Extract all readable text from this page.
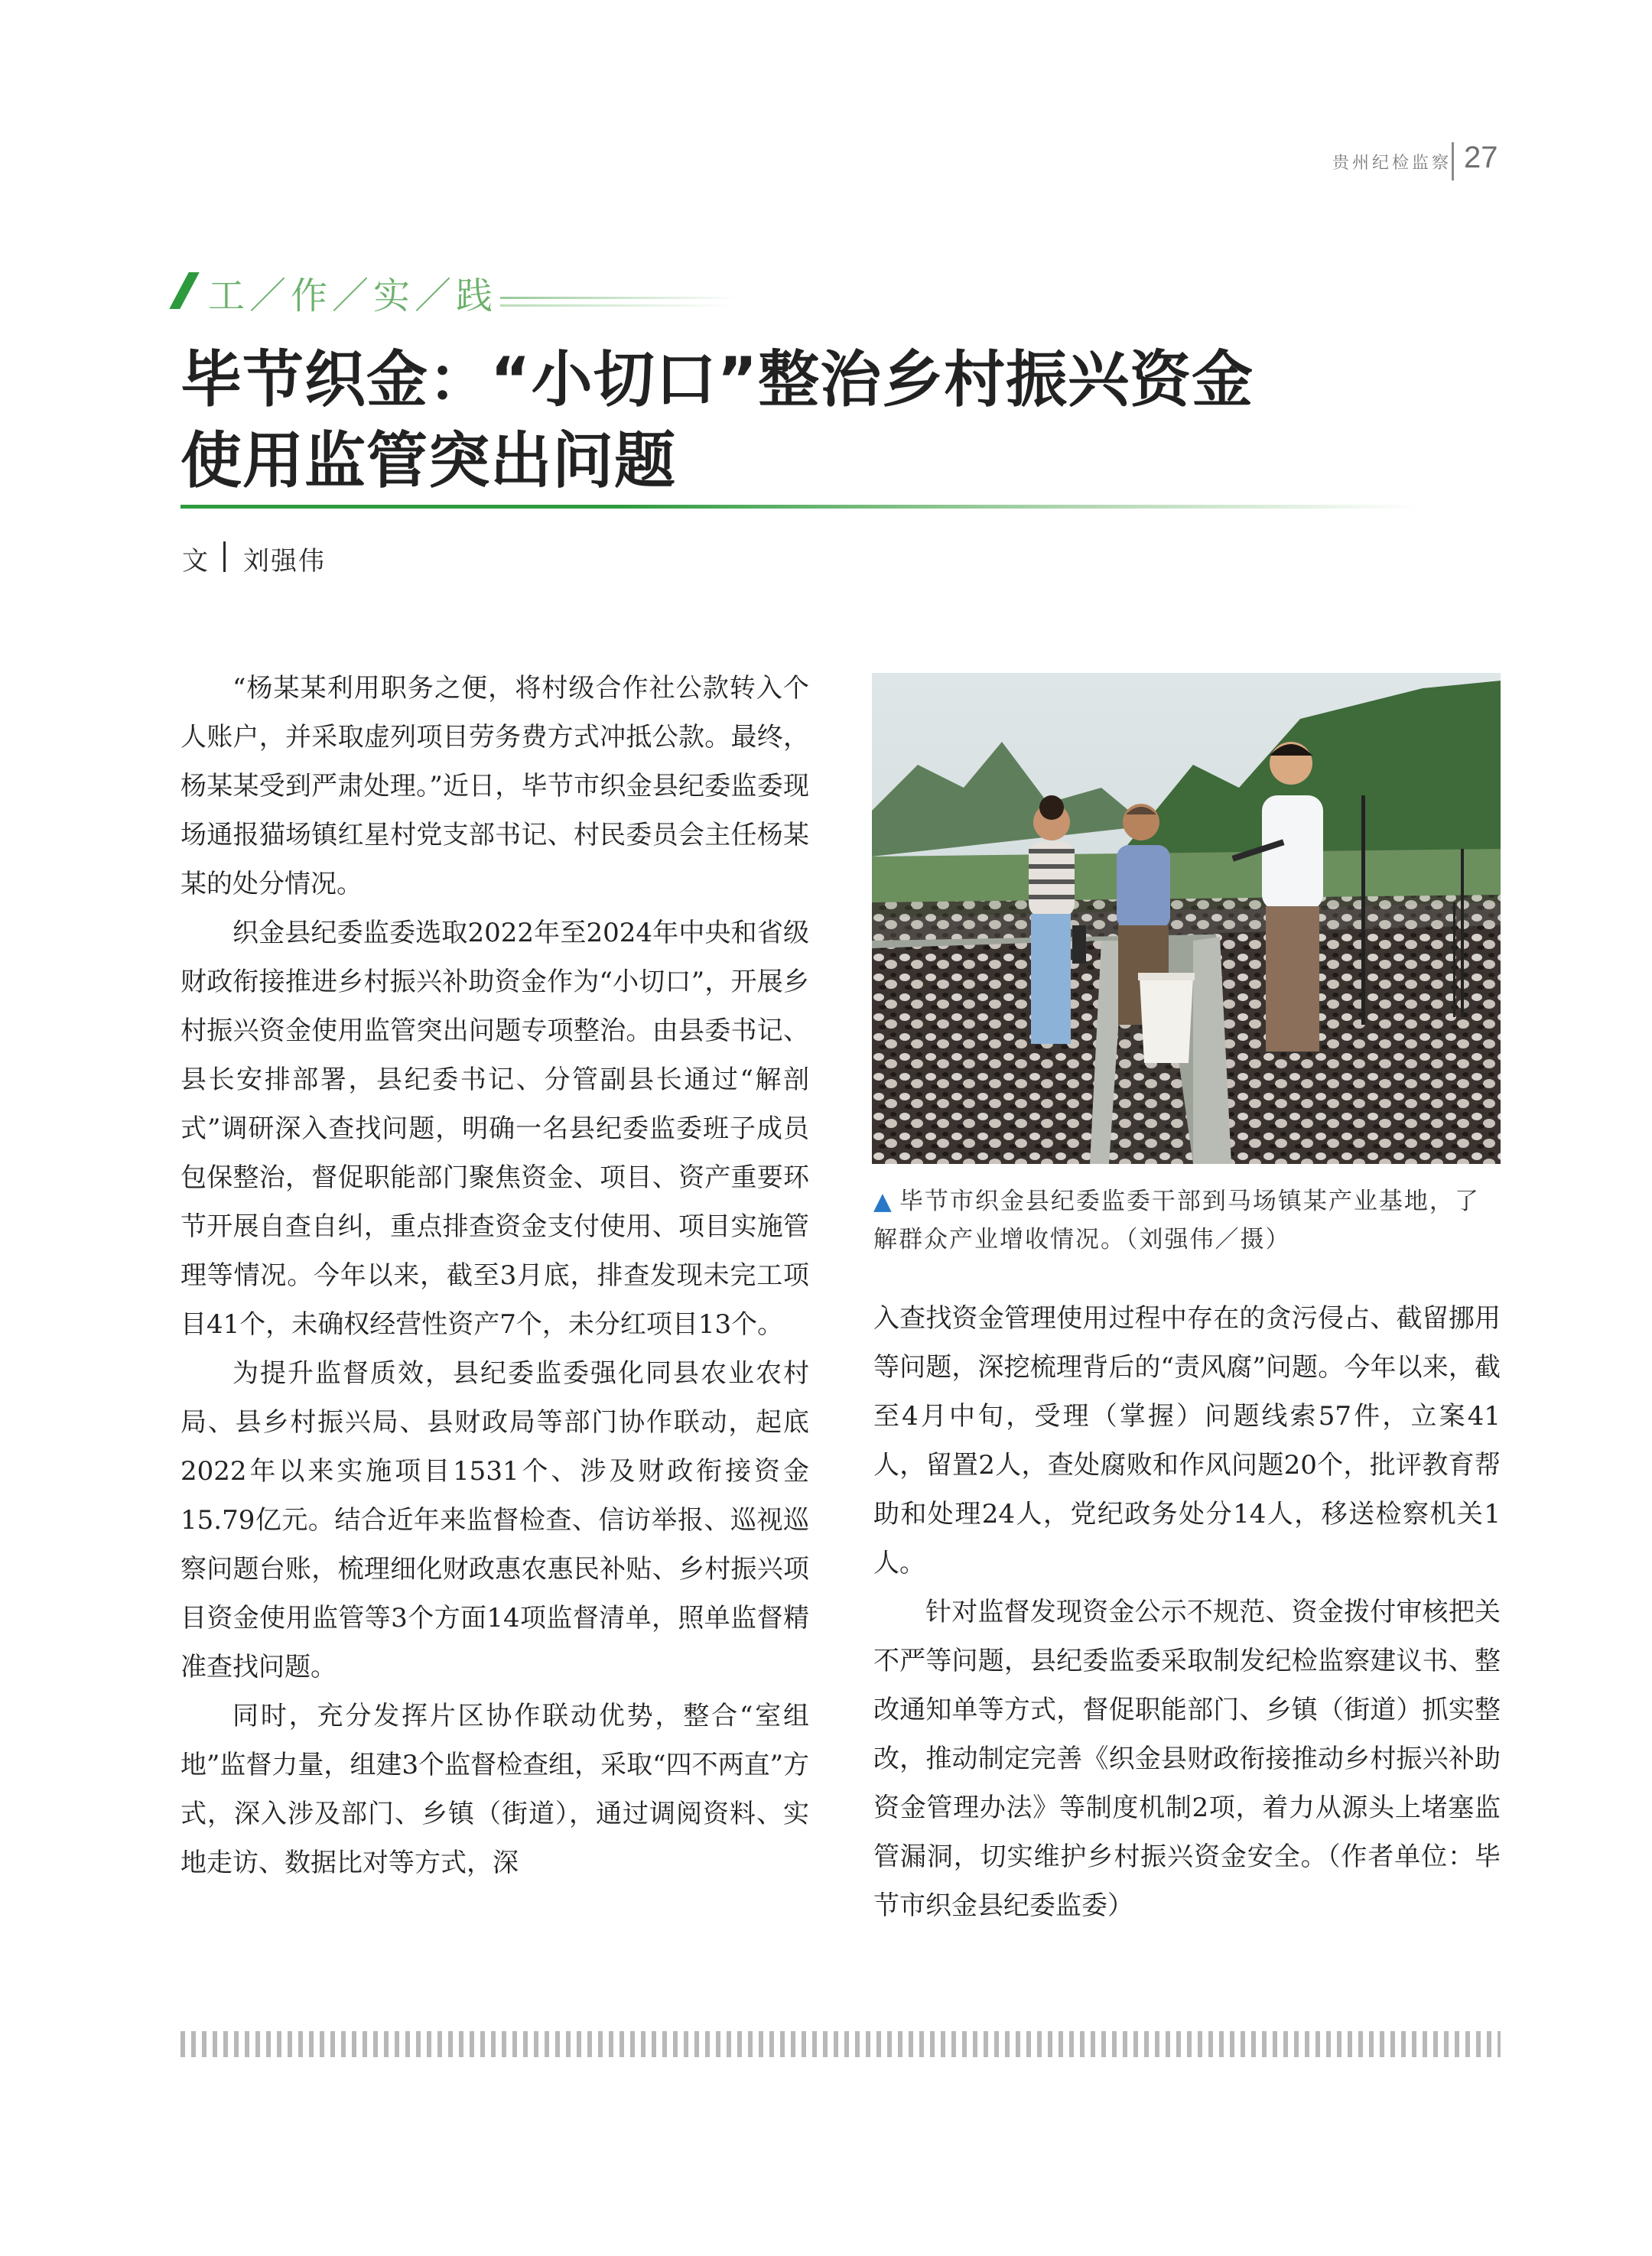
贵州纪检监察 27
工／作／实／践
毕节织金：“小切口”整治乡村振兴资金
使用监管突出问题
文 刘强伟

“杨某某利用职务之便，将村级合作社公款转入个人账户，并采取虚列项目劳务费方式冲抵公款。最终，杨某某受到严肃处理。”近日，毕节市织金县纪委监委现场通报猫场镇红星村党支部书记、村民委员会主任杨某某的处分情况。

织金县纪委监委选取2022年至2024年中央和省级财政衔接推进乡村振兴补助资金作为“小切口”，开展乡村振兴资金使用监管突出问题专项整治。由县委书记、县长安排部署，县纪委书记、分管副县长通过“解剖式”调研深入查找问题，明确一名县纪委监委班子成员包保整治，督促职能部门聚焦资金、项目、资产重要环节开展自查自纠，重点排查资金支付使用、项目实施管理等情况。今年以来，截至3月底，排查发现未完工项目41个，未确权经营性资产7个，未分红项目13个。

为提升监督质效，县纪委监委强化同县农业农村局、县乡村振兴局、县财政局等部门协作联动，起底2022年以来实施项目1531个、涉及财政衔接资金15.79亿元。结合近年来监督检查、信访举报、巡视巡察问题台账，梳理细化财政惠农惠民补贴、乡村振兴项目资金使用监管等3个方面14项监督清单，照单监督精准查找问题。

同时，充分发挥片区协作联动优势，整合“室组地”监督力量，组建3个监督检查组，采取“四不两直”方式，深入涉及部门、乡镇（街道），通过调阅资料、实地走访、数据比对等方式，深

▲ 毕节市织金县纪委监委干部到马场镇某产业基地，了解群众产业增收情况。（刘强伟／摄）

入查找资金管理使用过程中存在的贪污侵占、截留挪用等问题，深挖梳理背后的“责风腐”问题。今年以来，截至4月中旬，受理（掌握）问题线索57件，立案41人，留置2人，查处腐败和作风问题20个，批评教育帮助和处理24人，党纪政务处分14人，移送检察机关1人。

针对监督发现资金公示不规范、资金拨付审核把关不严等问题，县纪委监委采取制发纪检监察建议书、整改通知单等方式，督促职能部门、乡镇（街道）抓实整改，推动制定完善《织金县财政衔接推动乡村振兴补助资金管理办法》等制度机制2项，着力从源头上堵塞监管漏洞，切实维护乡村振兴资金安全。（作者单位：毕节市织金县纪委监委）
